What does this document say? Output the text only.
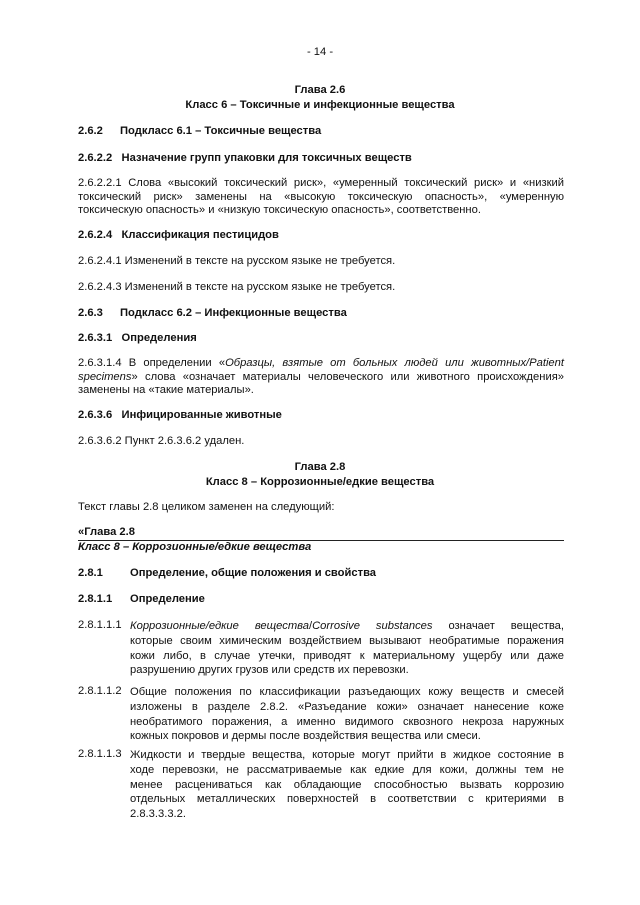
- 14 -
Глава 2.6
Класс 6 – Токсичные и инфекционные вещества
2.6.2 Подкласс 6.1 – Токсичные вещества
2.6.2.2 Назначение групп упаковки для токсичных веществ
2.6.2.2.1 Слова «высокий токсический риск», «умеренный токсический риск» и «низкий
токсический риск» заменены на «высокую токсическую опасность», «умеренную
токсическую опасность» и «низкую токсическую опасность», соответственно.
2.6.2.4 Классификация пестицидов
2.6.2.4.1 Изменений в тексте на русском языке не требуется.
2.6.2.4.3 Изменений в тексте на русском языке не требуется.
2.6.3 Подкласс 6.2 – Инфекционные вещества
2.6.3.1 Определения
2.6.3.1.4 В определении «Образцы, взятые от больных людей или животных/Patient
specimens» слова «означает материалы человеческого или животного происхождения»
заменены на «такие материалы».
2.6.3.6 Инфицированные животные
2.6.3.6.2 Пункт 2.6.3.6.2 удален.
Глава 2.8
Класс 8 – Коррозионные/едкие вещества
Текст главы 2.8 целиком заменен на следующий:
«Глава 2.8
Класс 8 – Коррозионные/едкие вещества
2.8.1 Определение, общие положения и свойства
2.8.1.1 Определение
2.8.1.1.1 Коррозионные/едкие вещества/Corrosive substances означает вещества,
которые своим химическим воздействием вызывают необратимые поражения
кожи либо, в случае утечки, приводят к материальному ущербу или даже
разрушению других грузов или средств их перевозки.
2.8.1.1.2 Общие положения по классификации разъедающих кожу веществ и смесей
изложены в разделе 2.8.2. «Разъедание кожи» означает нанесение коже
необратимого поражения, а именно видимого сквозного некроза наружных
кожных покровов и дермы после воздействия вещества или смеси.
2.8.1.1.3 Жидкости и твердые вещества, которые могут прийти в жидкое состояние в
ходе перевозки, не рассматриваемые как едкие для кожи, должны тем не
менее расцениваться как обладающие способностью вызвать коррозию
отдельных металлических поверхностей в соответствии с критериями в
2.8.3.3.3.2.
